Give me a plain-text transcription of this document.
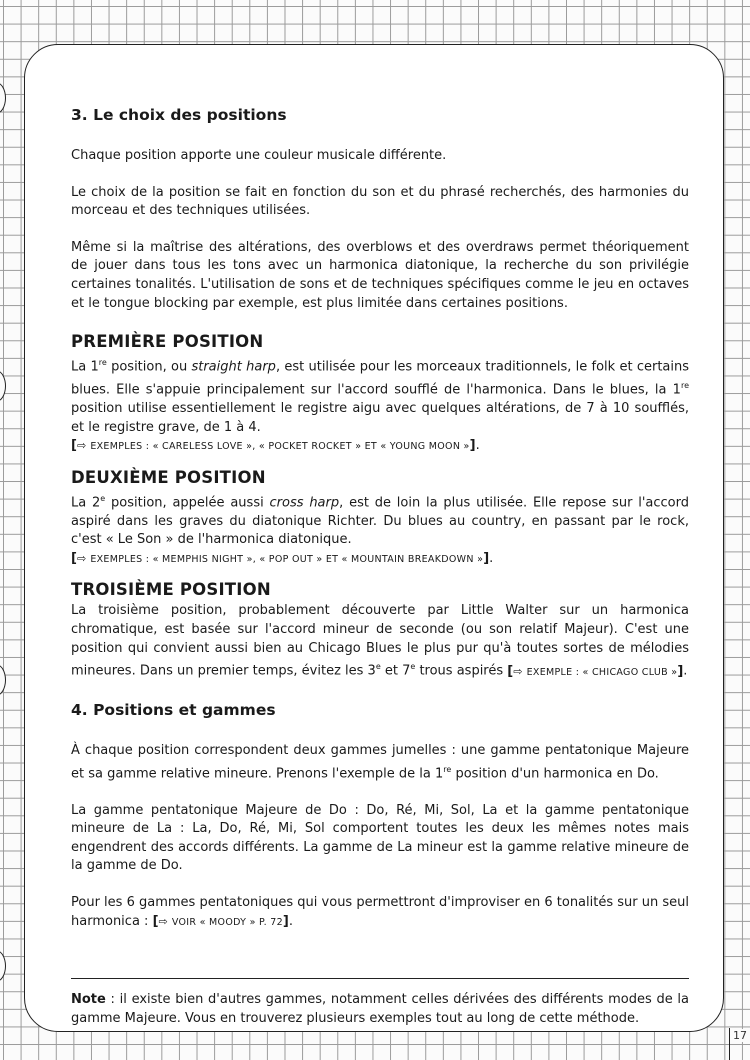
3. Le choix des positions

Chaque position apporte une couleur musicale différente.

Le choix de la position se fait en fonction du son et du phrasé recherchés, des harmonies du morceau et des techniques utilisées.

Même si la maîtrise des altérations, des overblows et des overdraws permet théoriquement de jouer dans tous les tons avec un harmonica diatonique, la recherche du son privilégie certaines tonalités. L'utilisation de sons et de techniques spécifiques comme le jeu en octaves et le tongue blocking par exemple, est plus limitée dans certaines positions.

PREMIÈRE POSITION

La 1re position, ou straight harp, est utilisée pour les morceaux traditionnels, le folk et certains blues. Elle s'appuie principalement sur l'accord soufflé de l'harmonica. Dans le blues, la 1re position utilise essentiellement le registre aigu avec quelques altérations, de 7 à 10 soufflés, et le registre grave, de 1 à 4.

[⇨ EXEMPLES : « CARELESS LOVE », « POCKET ROCKET » ET « YOUNG MOON »].

DEUXIÈME POSITION

La 2e position, appelée aussi cross harp, est de loin la plus utilisée. Elle repose sur l'accord aspiré dans les graves du diatonique Richter. Du blues au country, en passant par le rock, c'est « Le Son » de l'harmonica diatonique.

[⇨ EXEMPLES : « MEMPHIS NIGHT », « POP OUT » ET « MOUNTAIN BREAKDOWN »].

TROISIÈME POSITION

La troisième position, probablement découverte par Little Walter sur un harmonica chromatique, est basée sur l'accord mineur de seconde (ou son relatif Majeur). C'est une position qui convient aussi bien au Chicago Blues le plus pur qu'à toutes sortes de mélodies mineures. Dans un premier temps, évitez les 3e et 7e trous aspirés [⇨ EXEMPLE : « CHICAGO CLUB »].

4. Positions et gammes

À chaque position correspondent deux gammes jumelles : une gamme pentatonique Majeure et sa gamme relative mineure. Prenons l'exemple de la 1re position d'un harmonica en Do.

La gamme pentatonique Majeure de Do : Do, Ré, Mi, Sol, La et la gamme pentatonique mineure de La : La, Do, Ré, Mi, Sol comportent toutes les deux les mêmes notes mais engendrent des accords différents. La gamme de La mineur est la gamme relative mineure de la gamme de Do.

Pour les 6 gammes pentatoniques qui vous permettront d'improviser en 6 tonalités sur un seul harmonica : [⇨ VOIR « MOODY » P. 72].

Note : il existe bien d'autres gammes, notamment celles dérivées des différents modes de la gamme Majeure. Vous en trouverez plusieurs exemples tout au long de cette méthode.

17
